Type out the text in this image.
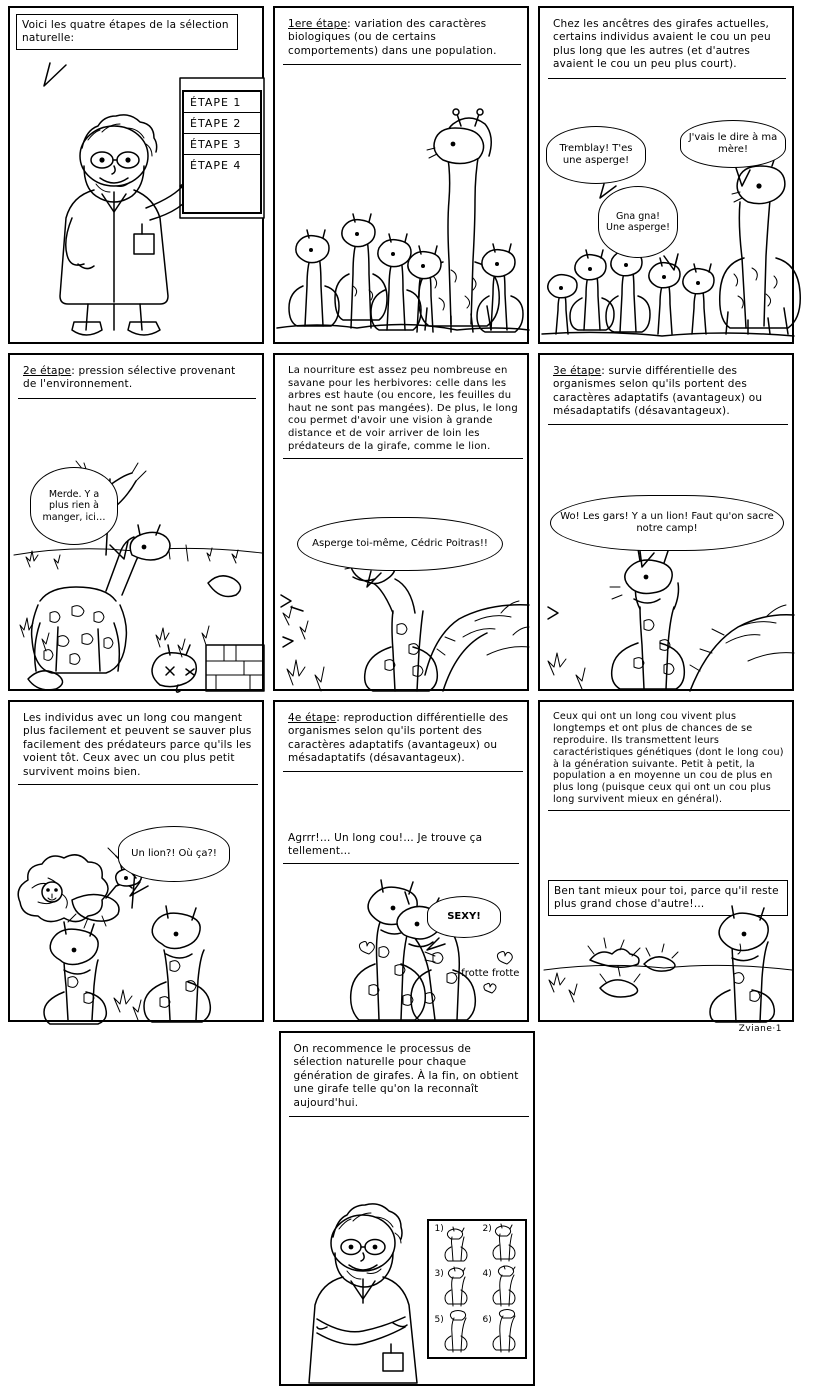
Voici les quatre étapes de la sélection naturelle:
ÉTAPE 1
ÉTAPE 2
ÉTAPE 3
ÉTAPE 4
1ere étape: variation des caractères biologiques (ou de certains comportements) dans une population.
Chez les ancêtres des girafes actuelles, certains individus avaient le cou un peu plus long que les autres (et d'autres avaient le cou un peu plus court).
Tremblay! T'es une asperge!
J'vais le dire à ma mère!
Gna gna! Une asperge!
2e étape: pression sélective provenant de l'environnement.
Merde. Y a plus rien à manger, ici…
La nourriture est assez peu nombreuse en savane pour les herbivores: celle dans les arbres est haute (ou encore, les feuilles du haut ne sont pas mangées). De plus, le long cou permet d'avoir une vision à grande distance et de voir arriver de loin les prédateurs de la girafe, comme le lion.
Asperge toi-même, Cédric Poitras!!
3e étape: survie différentielle des organismes selon qu'ils portent des caractères adaptatifs (avantageux) ou mésadaptatifs (désavantageux).
Wo! Les gars! Y a un lion! Faut qu'on sacre notre camp!
Les individus avec un long cou mangent plus facilement et peuvent se sauver plus facilement des prédateurs parce qu'ils les voient tôt. Ceux avec un cou plus petit survivent moins bien.
Un lion?! Où ça?!
4e étape: reproduction différentielle des organismes selon qu'ils portent des caractères adaptatifs (avantageux) ou mésadaptatifs (désavantageux).
Agrrr!… Un long cou!… Je trouve ça tellement…
SEXY!
– frotte frotte
Ceux qui ont un long cou vivent plus longtemps et ont plus de chances de se reproduire. Ils transmettent leurs caractéristiques génétiques (dont le long cou) à la génération suivante. Petit à petit, la population a en moyenne un cou de plus en plus long (puisque ceux qui ont un cou plus long survivent mieux en général).
Ben tant mieux pour toi, parce qu'il reste plus grand chose d'autre!…
Zviane·1
On recommence le processus de sélection naturelle pour chaque génération de girafes. À la fin, on obtient une girafe telle qu'on la reconnaît aujourd'hui.
1)	2)
3)	4)
5)	6)
